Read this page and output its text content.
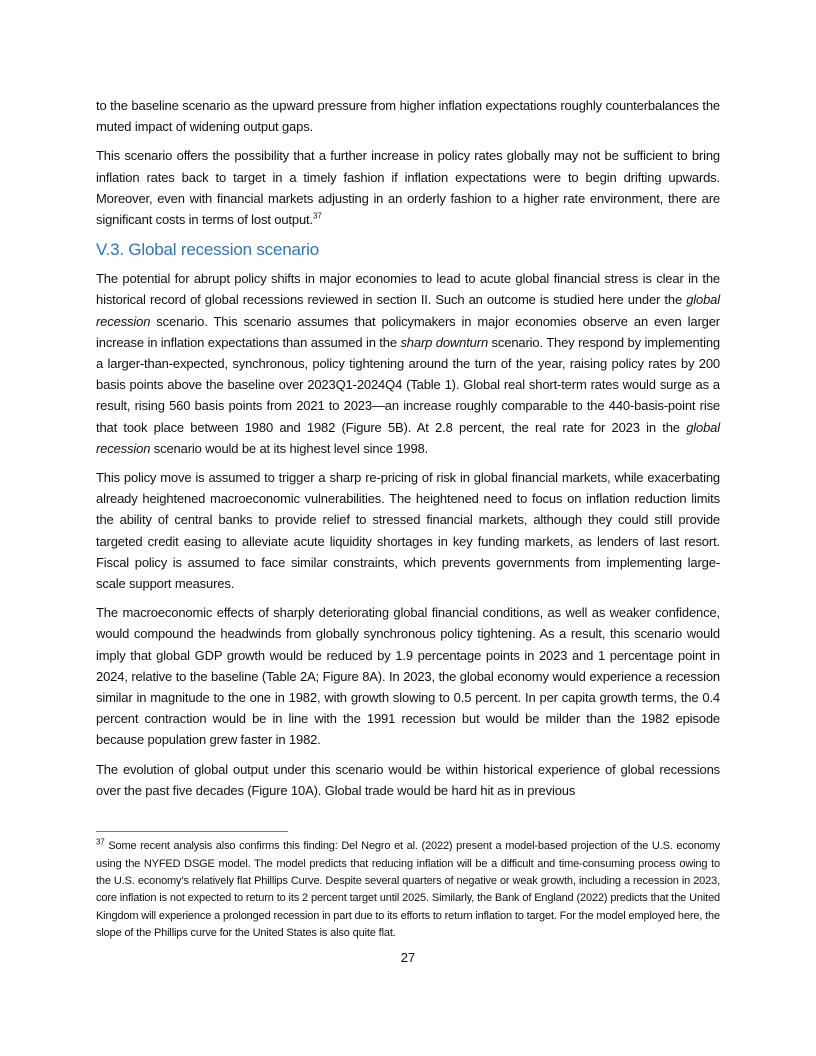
to the baseline scenario as the upward pressure from higher inflation expectations roughly counterbalances the muted impact of widening output gaps.

This scenario offers the possibility that a further increase in policy rates globally may not be sufficient to bring inflation rates back to target in a timely fashion if inflation expectations were to begin drifting upwards. Moreover, even with financial markets adjusting in an orderly fashion to a higher rate environment, there are significant costs in terms of lost output.$^{37}$

V.3. Global recession scenario

The potential for abrupt policy shifts in major economies to lead to acute global financial stress is clear in the historical record of global recessions reviewed in section II. Such an outcome is studied here under the global recession scenario. This scenario assumes that policymakers in major economies observe an even larger increase in inflation expectations than assumed in the sharp downturn scenario. They respond by implementing a larger-than-expected, synchronous, policy tightening around the turn of the year, raising policy rates by 200 basis points above the baseline over 2023Q1-2024Q4 (Table 1). Global real short-term rates would surge as a result, rising 560 basis points from 2021 to 2023—an increase roughly comparable to the 440-basis-point rise that took place between 1980 and 1982 (Figure 5B). At 2.8 percent, the real rate for 2023 in the global recession scenario would be at its highest level since 1998.

This policy move is assumed to trigger a sharp re-pricing of risk in global financial markets, while exacerbating already heightened macroeconomic vulnerabilities. The heightened need to focus on inflation reduction limits the ability of central banks to provide relief to stressed financial markets, although they could still provide targeted credit easing to alleviate acute liquidity shortages in key funding markets, as lenders of last resort. Fiscal policy is assumed to face similar constraints, which prevents governments from implementing large-scale support measures.

The macroeconomic effects of sharply deteriorating global financial conditions, as well as weaker confidence, would compound the headwinds from globally synchronous policy tightening. As a result, this scenario would imply that global GDP growth would be reduced by 1.9 percentage points in 2023 and 1 percentage point in 2024, relative to the baseline (Table 2A; Figure 8A). In 2023, the global economy would experience a recession similar in magnitude to the one in 1982, with growth slowing to 0.5 percent. In per capita growth terms, the 0.4 percent contraction would be in line with the 1991 recession but would be milder than the 1982 episode because population grew faster in 1982.

The evolution of global output under this scenario would be within historical experience of global recessions over the past five decades (Figure 10A). Global trade would be hard hit as in previous

$^{37}$ Some recent analysis also confirms this finding: Del Negro et al. (2022) present a model-based projection of the U.S. economy using the NYFED DSGE model. The model predicts that reducing inflation will be a difficult and time-consuming process owing to the U.S. economy’s relatively flat Phillips Curve. Despite several quarters of negative or weak growth, including a recession in 2023, core inflation is not expected to return to its 2 percent target until 2025. Similarly, the Bank of England (2022) predicts that the United Kingdom will experience a prolonged recession in part due to its efforts to return inflation to target. For the model employed here, the slope of the Phillips curve for the United States is also quite flat.

27
